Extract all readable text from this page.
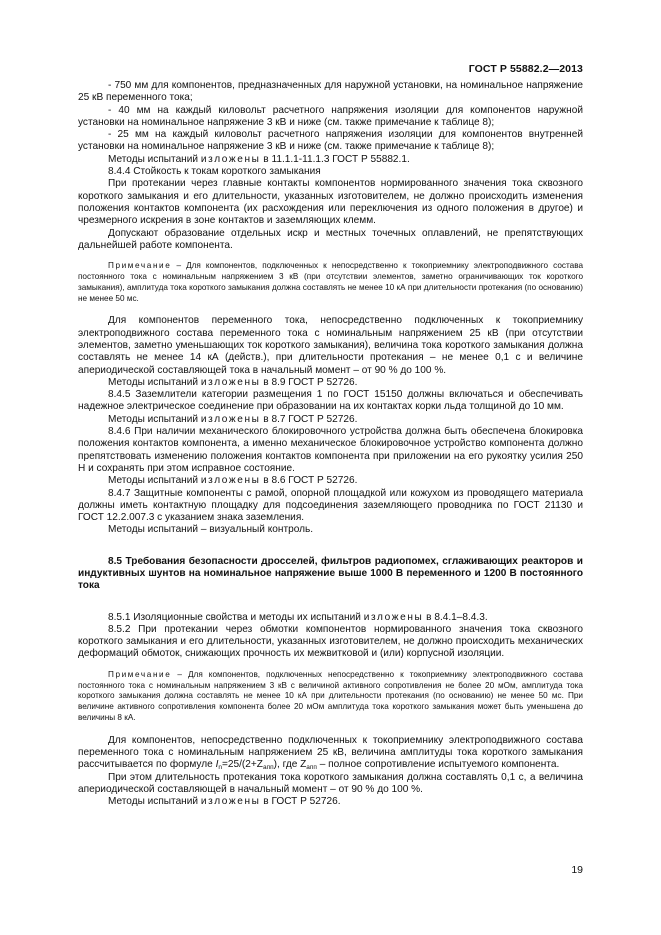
ГОСТ Р 55882.2—2013

- 750 мм для компонентов, предназначенных для наружной установки, на номинальное напряжение 25 кВ переменного тока;

- 40 мм на каждый киловольт расчетного напряжения изоляции для компонентов наружной установки на номинальное напряжение 3 кВ и ниже (см. также примечание к таблице 8);

- 25 мм на каждый киловольт расчетного напряжения изоляции для компонентов внутренней установки на номинальное напряжение 3 кВ и ниже (см. также примечание к таблице 8);

Методы испытаний изложены в 11.1.1-11.1.3 ГОСТ Р 55882.1.

8.4.4 Стойкость к токам короткого замыкания

При протекании через главные контакты компонентов нормированного значения тока сквозного короткого замыкания и его длительности, указанных изготовителем, не должно происходить изменения положения контактов компонента (их расхождения или переключения из одного положения в другое) и чрезмерного искрения в зоне контактов и заземляющих клемм.

Допускают образование отдельных искр и местных точечных оплавлений, не препятствующих дальнейшей работе компонента.

Примечание – Для компонентов, подключенных к непосредственно к токоприемнику электроподвижного состава постоянного тока с номинальным напряжением 3 кВ (при отсутствии элементов, заметно ограничивающих ток короткого замыкания), амплитуда тока короткого замыкания должна составлять не менее 10 кА при длительности протекания (по основанию) не менее 50 мс.

Для компонентов переменного тока, непосредственно подключенных к токоприемнику электроподвижного состава переменного тока с номинальным напряжением 25 кВ (при отсутствии элементов, заметно уменьшающих ток короткого замыкания), величина тока короткого замыкания должна составлять не менее 14 кА (действ.), при длительности протекания – не менее 0,1 с и величине апериодической составляющей тока в начальный момент – от 90 % до 100 %.

Методы испытаний изложены в 8.9 ГОСТ Р 52726.

8.4.5 Заземлители категории размещения 1 по ГОСТ 15150 должны включаться и обеспечивать надежное электрическое соединение при образовании на их контактах корки льда толщиной до 10 мм.

Методы испытаний изложены в 8.7 ГОСТ Р 52726.

8.4.6 При наличии механического блокировочного устройства должна быть обеспечена блокировка положения контактов компонента, а именно механическое блокировочное устройство компонента должно препятствовать изменению положения контактов компонента при приложении на его рукоятку усилия 250 Н и сохранять при этом исправное состояние.

Методы испытаний изложены в 8.6 ГОСТ Р 52726.

8.4.7 Защитные компоненты с рамой, опорной площадкой или кожухом из проводящего материала должны иметь контактную площадку для подсоединения заземляющего проводника по ГОСТ 21130 и ГОСТ 12.2.007.3 с указанием знака заземления.

Методы испытаний – визуальный контроль.

8.5 Требования безопасности дросселей, фильтров радиопомех, сглаживающих реакторов и индуктивных шунтов на номинальное напряжение выше 1000 В переменного и 1200 В постоянного тока

8.5.1 Изоляционные свойства и методы их испытаний изложены в 8.4.1–8.4.3.

8.5.2 При протекании через обмотки компонентов нормированного значения тока сквозного короткого замыкания и его длительности, указанных изготовителем, не должно происходить механических деформаций обмоток, снижающих прочность их межвитковой и (или) корпусной изоляции.

Примечание – Для компонентов, подключенных непосредственно к токоприемнику электроподвижного состава постоянного тока с номинальным напряжением 3 кВ с величиной активного сопротивления не более 20 мОм, амплитуда тока короткого замыкания должна составлять не менее 10 кА при длительности протекания (по основанию) не менее 50 мс. При величине активного сопротивления компонента более 20 мОм амплитуда тока короткого замыкания может быть уменьшена до величины 8 кА.

Для компонентов, непосредственно подключенных к токоприемнику электроподвижного состава переменного тока с номинальным напряжением 25 кВ, величина амплитуды тока короткого замыкания рассчитывается по формуле $I_n=25/(2+Z_{апп})$, где $Z_{апп}$ – полное сопротивление испытуемого компонента.

При этом длительность протекания тока короткого замыкания должна составлять 0,1 с, а величина апериодической составляющей в начальный момент – от 90 % до 100 %.

Методы испытаний изложены в ГОСТ Р 52726.

19
